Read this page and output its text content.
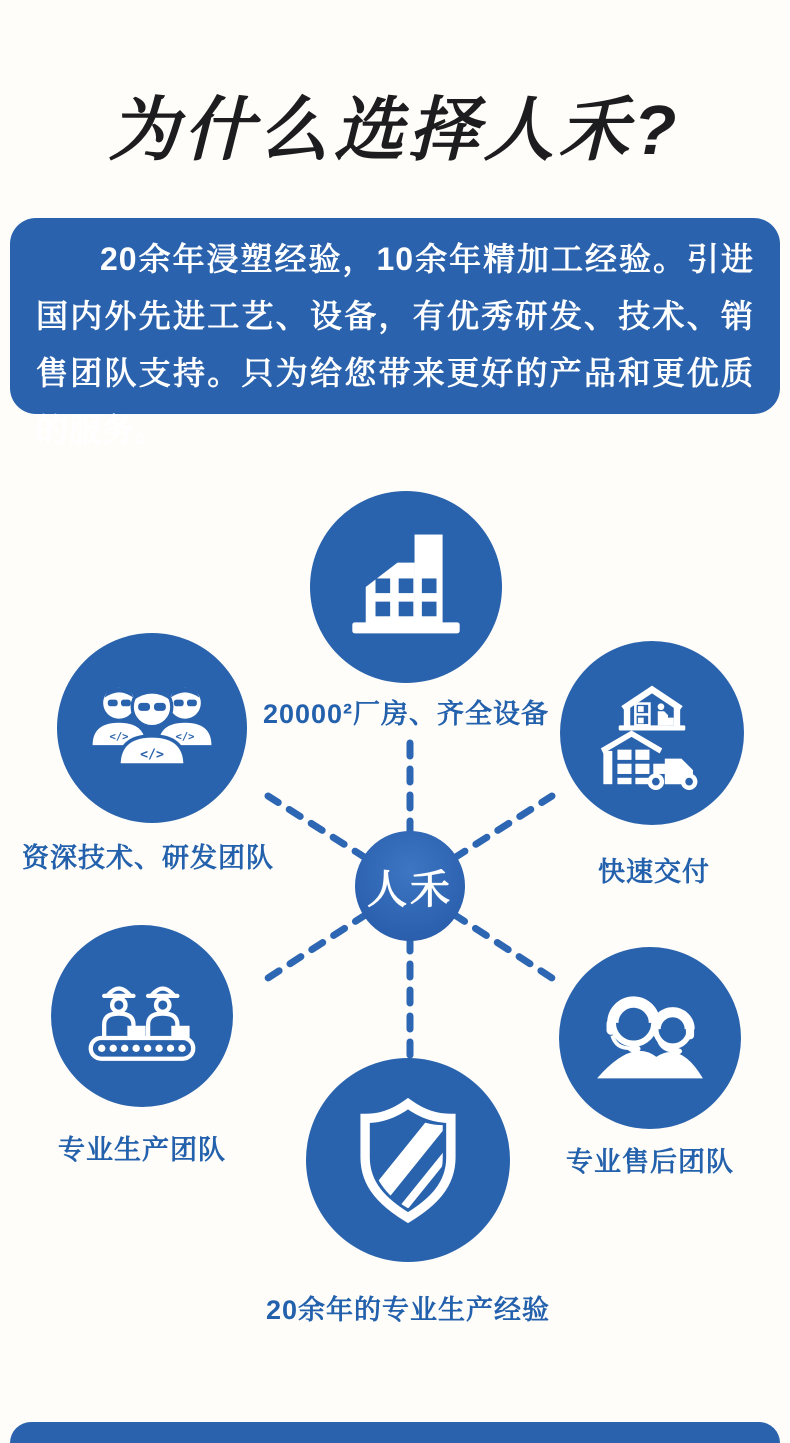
为什么选择人禾?

20余年浸塑经验，10余年精加工经验。引进国内外先进工艺、设备，有优秀研发、技术、销售团队支持。只为给您带来更好的产品和更优质的服务。

20000²厂房、齐全设备
</>	</>
</>
资深技术、研发团队	快速交付
人禾
专业生产团队	专业售后团队
20余年的专业生产经验
